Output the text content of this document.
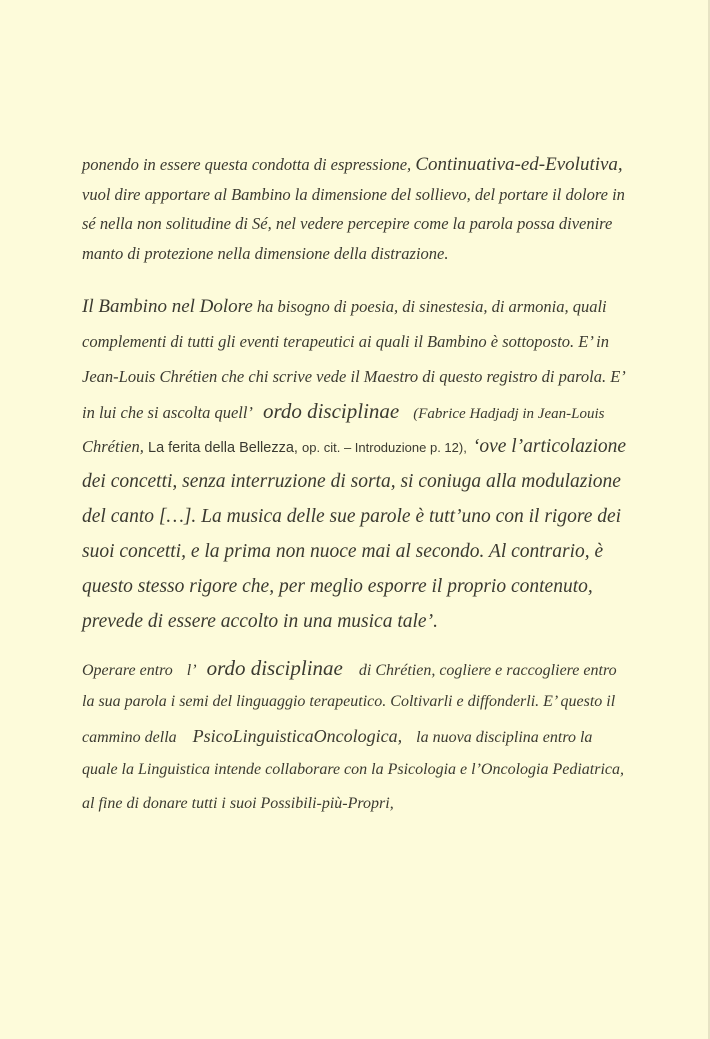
ponendo in essere questa condotta di espressione, Continuativa-ed-Evolutiva,
vuol dire apportare al Bambino la dimensione del sollievo, del portare il dolore in
sé nella non solitudine di Sé, nel vedere percepire come la parola possa divenire
manto di protezione nella dimensione della distrazione.
Il Bambino nel Dolore ha bisogno di poesia, di sinestesia, di armonia, quali
complementi di tutti gli eventi terapeutici ai quali il Bambino è sottoposto. E’ in
Jean-Louis Chrétien che chi scrive vede il Maestro di questo registro di parola. E’
in lui che si ascolta quell’ ordo disciplinae (Fabrice Hadjadj in Jean-Louis
Chrétien, La ferita della Bellezza, op. cit. – Introduzione p. 12), ‘ove l’articolazione
dei concetti, senza interruzione di sorta, si coniuga alla modulazione
del canto […]. La musica delle sue parole è tutt’uno con il rigore dei
suoi concetti, e la prima non nuoce mai al secondo. Al contrario, è
questo stesso rigore che, per meglio esporre il proprio contenuto,
prevede di essere accolto in una musica tale’.
Operare entro l’ ordo disciplinae di Chrétien, cogliere e raccogliere entro
la sua parola i semi del linguaggio terapeutico. Coltivarli e diffonderli. E’ questo il
cammino della PsicoLinguisticaOncologica, la nuova disciplina entro la
quale la Linguistica intende collaborare con la Psicologia e l’Oncologia Pediatrica,
al fine di donare tutti i suoi Possibili-più-Propri,
